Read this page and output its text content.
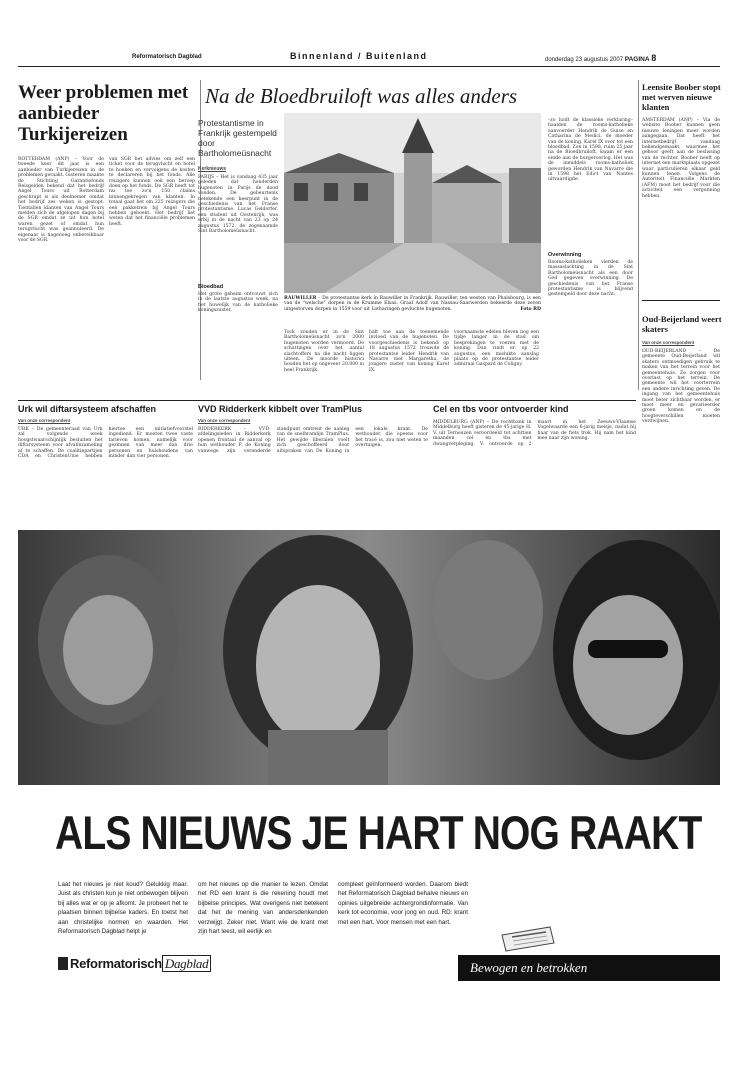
Reformatorisch Dagblad	Binnenland / Buitenland	donderdag 23 augustus 2007 PAGINA 8
Weer problemen met aanbieder Turkijereizen
ROTTERDAM (ANP) – Voor de tweede keer dit jaar is een aanbieder van Turkijereizen in de problemen geraakt. Gisteren maakte de Stichting Garantiefonds Reisgelden bekend dat het bedrijf Angel Tours uit Rotterdam geschrapt is als deelnemer omdat het bedrijf zes weken is gestopt. Tientallen klanten van Angel Tours melden zich de afgelopen dagen bij de SGR omdat ze uit hun hotel waren gezet of omdat hun terugvlucht was geannuleerd. De eigenaar is nagenoeg onbereikbaar voor de SGR.
van SGR het advies om zelf een ticket voor de terugvlucht en hotel te boeken en vervolgens de kosten te declareren bij het fonds. Alle reizigers kunnen ook een beroep doen op het fonds. De SGR heeft tot nu toe zo'n 150 claims binnengekregen van klanten. In totaal gaat het om 225 reizigers die een pakketreis bij Angel Tours hebben geboekt. Het bedrijf liet weten dat het financiële problemen heeft.
Na de Bloedbruiloft was alles anders
Protestantisme in Frankrijk gestempeld door Bartholomeüsnacht
Kerknieuws
PARIJS – Het is vandaag 435 jaar geleden dat honderden hugenoten in Parijs de dood vonden. De gebeurtenis betekende een keerpunt in de geschiedenis van het Franse protestantisme. Lucas Geldorfer, een student uit Oostenrijk, was erbij in de nacht van 23 op 24 augustus 1572, de zogenaamde Sint Bartholomeüsnacht.
Bloedbad
Het grote geheim ontvouwt zich in de laatste augustus week, na het huwelijk van de katholieke koningszuster.
RAUWILLER – De protestantse kerk in Rauwiller in Frankrijk. Rauwiller, ten westen van Phalsbourg, is een van de "welsche" dorpen in de Krumme Elsas. Graaf Adolf van Nassau-Saarwerden bekeerde deze zeven uitgestorven dorpen in 1559 voor uit Lotharingen gevluchte hugenoten.	Foto RD
Tock zonden er in de Sint Bartholomeüsnacht zo'n 2000 hugenoten worden vermoord. De schattingen over het aantal slachtoffers na die nacht liggen uiteen. De moorde historici houden het op ongeveer 20.000 in heel Frankrijk.
halt toe aan de toenemende invloed van de hugenoten. De voorgeschiedenis is bekend: op 18 augustus 1572 trouwde de protestantse leider Hendrik van Navarre met Margaretha, de jongere zuster van koning Karel IX.
voornaamste edelen bleven nog een tijdje langer in de stad om besprekingen te voeren met de koning. Dan vindt er, op 22 augustus, een mislukte aanslag plaats op de protestantse leider admiraal Gaspard de Coligny.
–zo luidt de klassieke verklaring– haalden de rooms-katholieke aanvoerder Hendrik de Guise en Catharina de Medici, de moeder van de koning, Karel IX over tot een bloedbad. Zon in 1598, ruim 25 jaar na de Bloedbruiloft, kwam er een einde aan de burgeroorlog. Het was de inmiddels rooms-katholiek geworden Hendrik van Navarre die in 1598 het Edict van Nantes uitvaardigde.
Overwinning
Rooms-katholieken vierden de massaslachting in de Sint Bartholomeüsnacht als een door God gegeven overwinning. De geschiedenis van het Franse protestantisme is blijvend gestempeld door deze nacht.
Leensite Boober stopt met werven nieuwe klanten
AMSTERDAM (ANP) – Via de website Boober kunnen geen nieuwe leningen meer worden aangegaan. Dat heeft het internetbedrijf vandaag bekendgemaakt, waarmee het gehoor geeft aan de beslissing van de rechter. Boober heeft op internet een marktplaats opgezet waar particulieren elkaar geld kunnen lenen. Volgens de Autoriteit Financiële Markten (AFM) moet het bedrijf voor die activiteit een vergunning hebben.
Oud-Beijerland weert skaters
Van onze correspondent
OUD-BEIJERLAND – De gemeente Oud-Beijerland wil skaters ontmoedigen gebruik te maken van het terrein voor het gemeentehuis. Ze zorgen voor overlast op het terrein. De gemeente wil het voorterrein een andere inrichting geven. De ingang van het gemeentehuis moet beter zichtbaar worden, er moet meer en gevarieerder groen komen en de hoogteverschillen moeten verdwijnen.
Urk wil diftarsysteem afschaffen
Van onze correspondent
URK – De gemeenteraad van Urk zal volgende week hoogstwaarschijnlijk besluiten het diftarsysteem voor afvalinzameling af te schaffen. De coalitiepartijen CDA en ChristenUnie hebben hiertoe een initiatiefvoorstel ingediend. Er moeten twee vaste tarieven komen, namelijk voor gezinnen van meer dan drie personen en huishoudens van minder dan vier personen.
VVD Ridderkerk kibbelt over TramPlus
Van onze correspondent
RIDDERKERK – VVD-afdelingsleden in Ridderkerk openen frontaal de aanval op hun wethouder P. de Koning vanwege zijn veranderde standpunt omtrent de aanleg van de snelhramlijn TramPlus. Het gewijde liberalen voelt zich geschoffeerd door uitspraken van De Koning in een lokale krant. De wethouder, die opeens voor het tracé is, zou niet weten te overtuigen.
Cel en tbs voor ontvoerder kind
MIDDELBURG (ANP) – De rechtbank in Middelburg heeft gisteren de 45-jarige H. V. uit Terneuzen veroordeeld tot achttien maanden cel en tbs met dwangverpleging. V. ontvoerde op 2 maart in het Zeeuws-Vlaamse Vogelwaarde een 6-jarig meisje, nadat hij haar van de fiets trok. Hij nam het kind mee naar zijn woning.
ALS NIEUWS JE HART NOG RAAKT
Laat het nieuws je niet koud? Gelukkig maar. Juist als christen kun je niet onbewogen blijven bij alles wat er op je afkomt. Je probeert het te plaatsen binnen bijbelse kaders. En toetst het aan christelijke normen en waarden. Het Reformatorisch Dagblad helpt je
om het nieuws op die manier te lezen. Omdat het RD een krant is die rekening houdt met bijbelse principes. Wat overigens niet betekent dat het de mening van andersdenkenden verzwijgt. Zeker niet. Want wie de krant met zijn hart leest, wil eerlijk en
compleet geïnformeerd worden. Daarom biedt het Reformatorisch Dagblad behalve nieuws en opinies uitgebreide achtergrondinformatie. Van kerk tot economie, voor jong en oud. RD: krant met een hart. Voor mensen met een hart.
Reformatorisch Dagblad	Bewogen en betrokken
